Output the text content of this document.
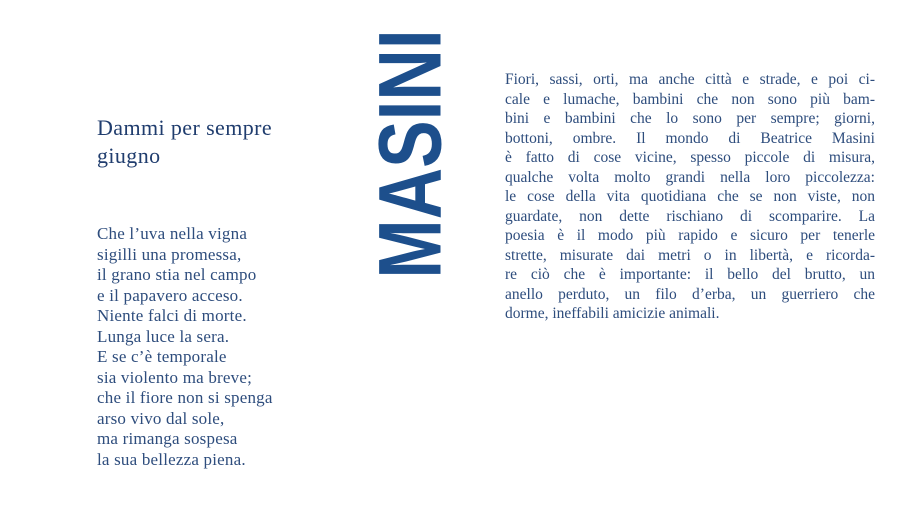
Dammi per sempre
giugno
Che l’uva nella vigna
sigilli una promessa,
il grano stia nel campo
e il papavero acceso.
Niente falci di morte.
Lunga luce la sera.
E se c’è temporale
sia violento ma breve;
che il fiore non si spenga
arso vivo dal sole,
ma rimanga sospesa
la sua bellezza piena.
MASINI	Fiori, sassi, orti, ma anche città e strade, e poi ci-
cale e lumache, bambini che non sono più bam-
bini e bambini che lo sono per sempre; giorni,
bottoni, ombre. Il mondo di Beatrice Masini
è fatto di cose vicine, spesso piccole di misura,
qualche volta molto grandi nella loro piccolezza:
le cose della vita quotidiana che se non viste, non
guardate, non dette rischiano di scomparire. La
poesia è il modo più rapido e sicuro per tenerle
strette, misurate dai metri o in libertà, e ricorda-
re ciò che è importante: il bello del brutto, un
anello perduto, un filo d’erba, un guerriero che
dorme, ineffabili amicizie animali.
